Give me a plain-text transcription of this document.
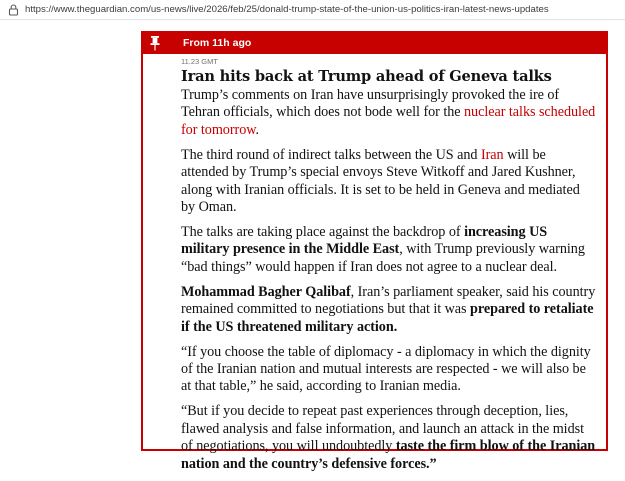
https://www.theguardian.com/us-news/live/2026/feb/25/donald-trump-state-of-the-union-us-politics-iran-latest-news-updates
From 11h ago
11.23 GMT
Iran hits back at Trump ahead of Geneva talks

Trump’s comments on Iran have unsurprisingly provoked the ire of Tehran officials, which does not bode well for the nuclear talks scheduled for tomorrow.

The third round of indirect talks between the US and Iran will be attended by Trump’s special envoys Steve Witkoff and Jared Kushner, along with Iranian officials. It is set to be held in Geneva and mediated by Oman.

The talks are taking place against the backdrop of increasing US military presence in the Middle East, with Trump previously warning “bad things” would happen if Iran does not agree to a nuclear deal.

Mohammad Bagher Qalibaf, Iran’s parliament speaker, said his country remained committed to negotiations but that it was prepared to retaliate if the US threatened military action.

“If you choose the table of diplomacy - a diplomacy in which the dignity of the Iranian nation and mutual interests are respected - we will also be at that table,” he said, according to Iranian media.

“But if you decide to repeat past experiences through deception, lies, flawed analysis and false information, and launch an attack in the midst of negotiations, you will undoubtedly taste the firm blow of the Iranian nation and the country’s defensive forces.”
